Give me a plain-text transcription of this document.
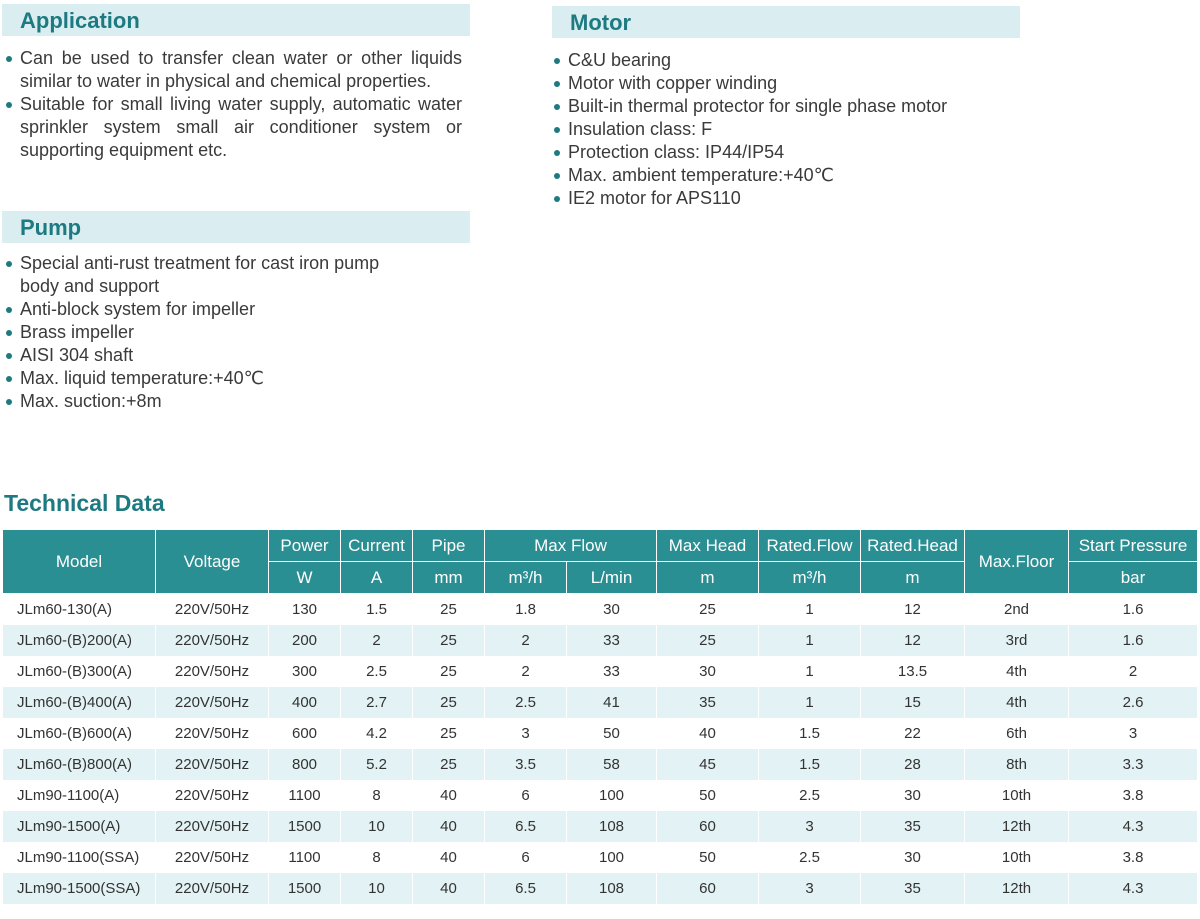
Application
Can be used to transfer clean water or other liquids similar to water in physical and chemical properties.
Suitable for small living water supply, automatic water sprinkler system small air conditioner system or supporting equipment etc.
Pump
Special anti-rust treatment for cast iron pump body and support
Anti-block system for impeller
Brass impeller
AISI 304 shaft
Max. liquid temperature:+40℃
Max. suction:+8m
Motor
C&U bearing
Motor with copper winding
Built-in thermal protector for single phase motor
Insulation class: F
Protection class: IP44/IP54
Max. ambient temperature:+40℃
IE2 motor for APS110
Technical Data
Model	Voltage	Power	Current	Pipe	Max Flow		Max Head	Rated.Flow	Rated.Head	Max.Floor	Start Pressure
		W	A	mm	m³/h	L/min	m	m³/h	m		bar
JLm60-130(A)	220V/50Hz	130	1.5	25	1.8	30	25	1	12	2nd	1.6
JLm60-(B)200(A)	220V/50Hz	200	2	25	2	33	25	1	12	3rd	1.6
JLm60-(B)300(A)	220V/50Hz	300	2.5	25	2	33	30	1	13.5	4th	2
JLm60-(B)400(A)	220V/50Hz	400	2.7	25	2.5	41	35	1	15	4th	2.6
JLm60-(B)600(A)	220V/50Hz	600	4.2	25	3	50	40	1.5	22	6th	3
JLm60-(B)800(A)	220V/50Hz	800	5.2	25	3.5	58	45	1.5	28	8th	3.3
JLm90-1100(A)	220V/50Hz	1100	8	40	6	100	50	2.5	30	10th	3.8
JLm90-1500(A)	220V/50Hz	1500	10	40	6.5	108	60	3	35	12th	4.3
JLm90-1100(SSA)	220V/50Hz	1100	8	40	6	100	50	2.5	30	10th	3.8
JLm90-1500(SSA)	220V/50Hz	1500	10	40	6.5	108	60	3	35	12th	4.3
